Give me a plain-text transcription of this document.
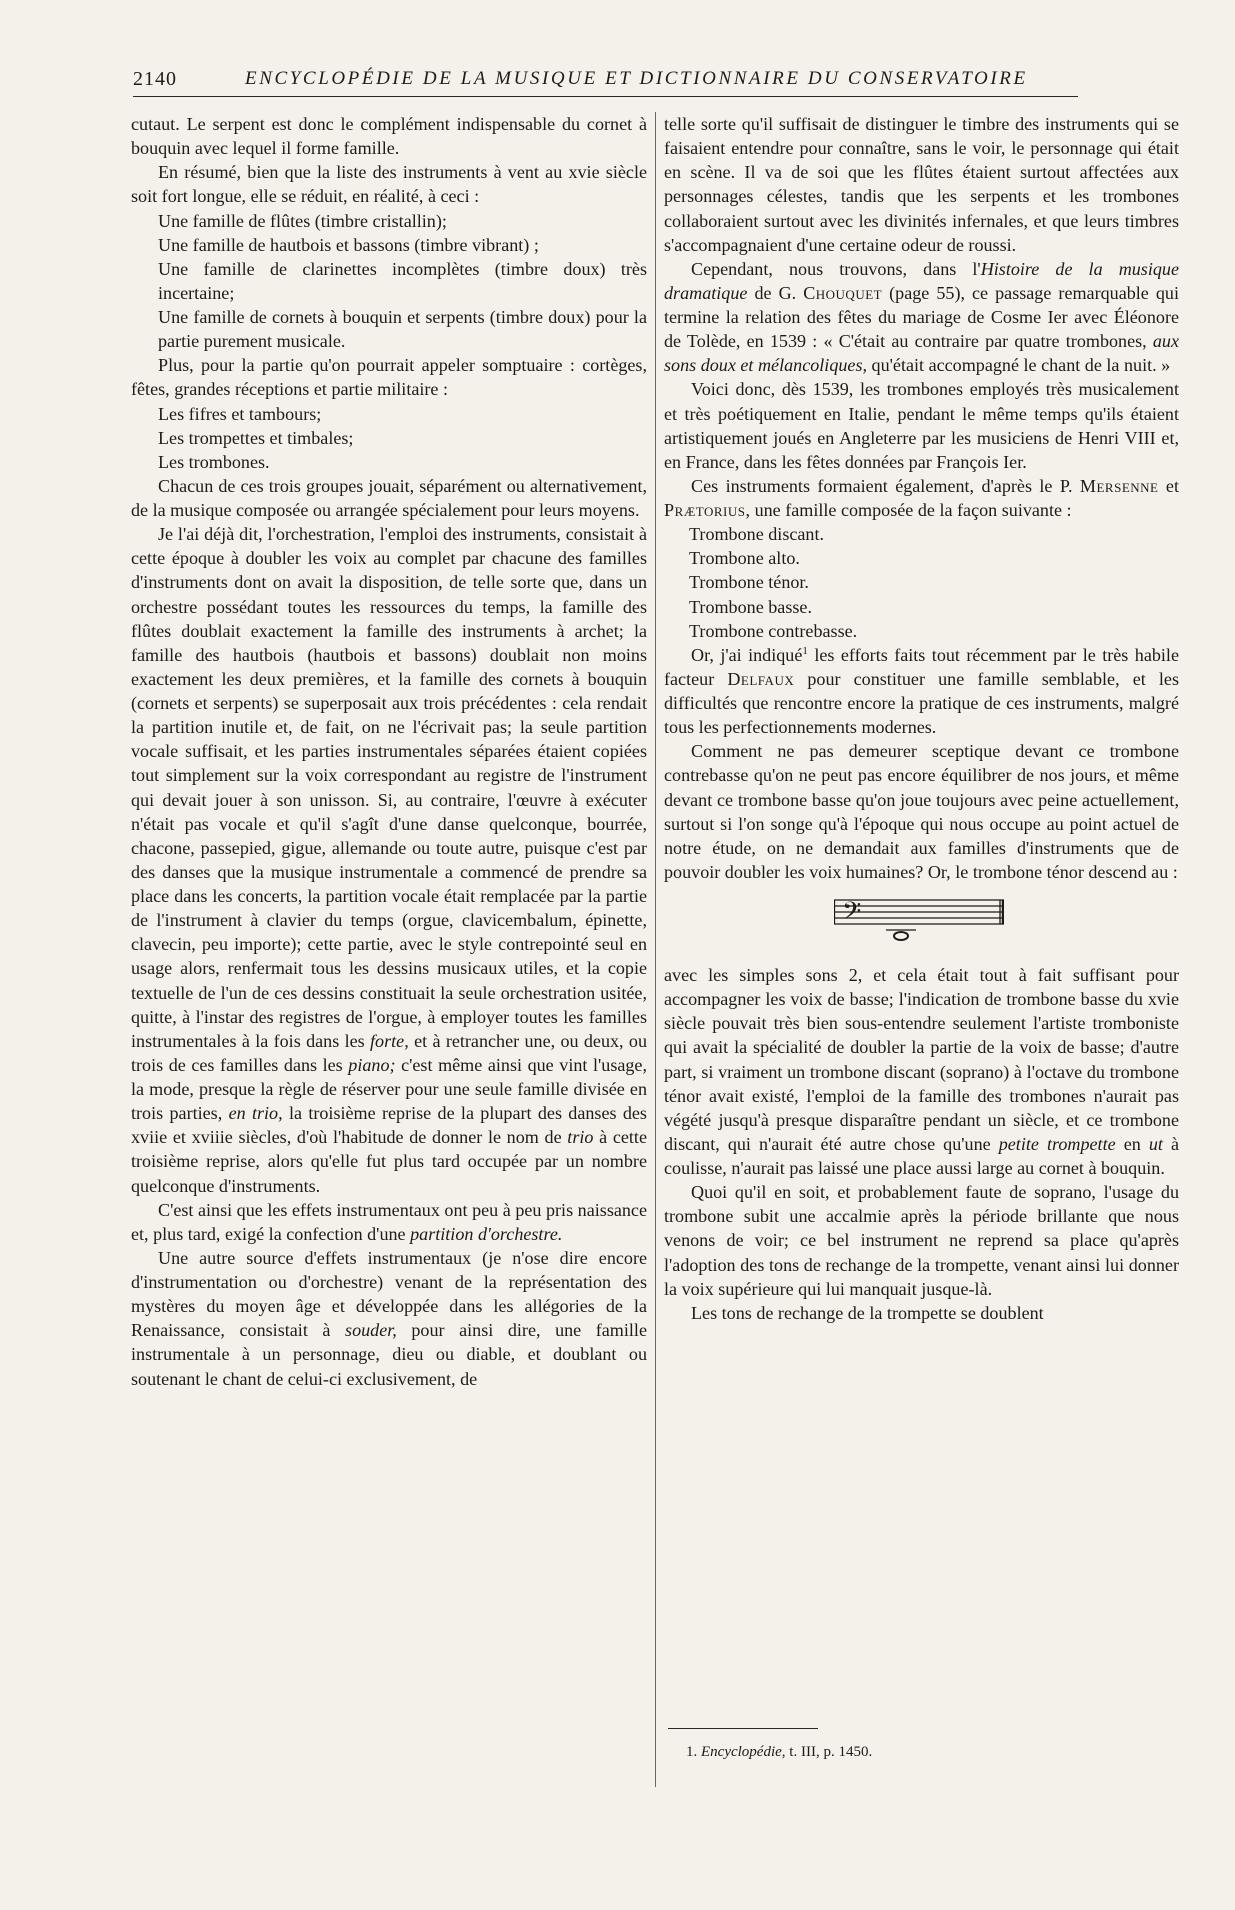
2140	ENCYCLOPÉDIE DE LA MUSIQUE ET DICTIONNAIRE DU CONSERVATOIRE

cutaut. Le serpent est donc le complément indispensable du cornet à bouquin avec lequel il forme famille.

En résumé, bien que la liste des instruments à vent au xvie siècle soit fort longue, elle se réduit, en réalité, à ceci :

Une famille de flûtes (timbre cristallin);

Une famille de hautbois et bassons (timbre vibrant) ;

Une famille de clarinettes incomplètes (timbre doux) très incertaine;

Une famille de cornets à bouquin et serpents (timbre doux) pour la partie purement musicale.

Plus, pour la partie qu'on pourrait appeler somptuaire : cortèges, fêtes, grandes réceptions et partie militaire :

Les fifres et tambours;

Les trompettes et timbales;

Les trombones.

Chacun de ces trois groupes jouait, séparément ou alternativement, de la musique composée ou arrangée spécialement pour leurs moyens.

Je l'ai déjà dit, l'orchestration, l'emploi des instruments, consistait à cette époque à doubler les voix au complet par chacune des familles d'instruments dont on avait la disposition, de telle sorte que, dans un orchestre possédant toutes les ressources du temps, la famille des flûtes doublait exactement la famille des instruments à archet; la famille des hautbois (hautbois et bassons) doublait non moins exactement les deux premières, et la famille des cornets à bouquin (cornets et serpents) se superposait aux trois précédentes : cela rendait la partition inutile et, de fait, on ne l'écrivait pas; la seule partition vocale suffisait, et les parties instrumentales séparées étaient copiées tout simplement sur la voix correspondant au registre de l'instrument qui devait jouer à son unisson. Si, au contraire, l'œuvre à exécuter n'était pas vocale et qu'il s'agît d'une danse quelconque, bourrée, chacone, passepied, gigue, allemande ou toute autre, puisque c'est par des danses que la musique instrumentale a commencé de prendre sa place dans les concerts, la partition vocale était remplacée par la partie de l'instrument à clavier du temps (orgue, clavicembalum, épinette, clavecin, peu importe); cette partie, avec le style contrepointé seul en usage alors, renfermait tous les dessins musicaux utiles, et la copie textuelle de l'un de ces dessins constituait la seule orchestration usitée, quitte, à l'instar des registres de l'orgue, à employer toutes les familles instrumentales à la fois dans les forte, et à retrancher une, ou deux, ou trois de ces familles dans les piano; c'est même ainsi que vint l'usage, la mode, presque la règle de réserver pour une seule famille divisée en trois parties, en trio, la troisième reprise de la plupart des danses des xviie et xviiie siècles, d'où l'habitude de donner le nom de trio à cette troisième reprise, alors qu'elle fut plus tard occupée par un nombre quelconque d'instruments.

C'est ainsi que les effets instrumentaux ont peu à peu pris naissance et, plus tard, exigé la confection d'une partition d'orchestre.

Une autre source d'effets instrumentaux (je n'ose dire encore d'instrumentation ou d'orchestre) venant de la représentation des mystères du moyen âge et développée dans les allégories de la Renaissance, consistait à souder, pour ainsi dire, une famille instrumentale à un personnage, dieu ou diable, et doublant ou soutenant le chant de celui-ci exclusivement, de

telle sorte qu'il suffisait de distinguer le timbre des instruments qui se faisaient entendre pour connaître, sans le voir, le personnage qui était en scène. Il va de soi que les flûtes étaient surtout affectées aux personnages célestes, tandis que les serpents et les trombones collaboraient surtout avec les divinités infernales, et que leurs timbres s'accompagnaient d'une certaine odeur de roussi.

Cependant, nous trouvons, dans l'Histoire de la musique dramatique de G. Chouquet (page 55), ce passage remarquable qui termine la relation des fêtes du mariage de Cosme Ier avec Éléonore de Tolède, en 1539 : « C'était au contraire par quatre trombones, aux sons doux et mélancoliques, qu'était accompagné le chant de la nuit. »

Voici donc, dès 1539, les trombones employés très musicalement et très poétiquement en Italie, pendant le même temps qu'ils étaient artistiquement joués en Angleterre par les musiciens de Henri VIII et, en France, dans les fêtes données par François Ier.

Ces instruments formaient également, d'après le P. Mersenne et Prætorius, une famille composée de la façon suivante :

Trombone discant.

Trombone alto.

Trombone ténor.

Trombone basse.

Trombone contrebasse.

Or, j'ai indiqué$^1$ les efforts faits tout récemment par le très habile facteur Delfaux pour constituer une famille semblable, et les difficultés que rencontre encore la pratique de ces instruments, malgré tous les perfectionnements modernes.

Comment ne pas demeurer sceptique devant ce trombone contrebasse qu'on ne peut pas encore équilibrer de nos jours, et même devant ce trombone basse qu'on joue toujours avec peine actuellement, surtout si l'on songe qu'à l'époque qui nous occupe au point actuel de notre étude, on ne demandait aux familles d'instruments que de pouvoir doubler les voix humaines? Or, le trombone ténor descend au :

𝄢

avec les simples sons 2, et cela était tout à fait suffisant pour accompagner les voix de basse; l'indication de trombone basse du xvie siècle pouvait très bien sous-entendre seulement l'artiste tromboniste qui avait la spécialité de doubler la partie de la voix de basse; d'autre part, si vraiment un trombone discant (soprano) à l'octave du trombone ténor avait existé, l'emploi de la famille des trombones n'aurait pas végété jusqu'à presque disparaître pendant un siècle, et ce trombone discant, qui n'aurait été autre chose qu'une petite trompette en ut à coulisse, n'aurait pas laissé une place aussi large au cornet à bouquin.

Quoi qu'il en soit, et probablement faute de soprano, l'usage du trombone subit une accalmie après la période brillante que nous venons de voir; ce bel instrument ne reprend sa place qu'après l'adoption des tons de rechange de la trompette, venant ainsi lui donner la voix supérieure qui lui manquait jusque-là.

Les tons de rechange de la trompette se doublent

1. Encyclopédie, t. III, p. 1450.
